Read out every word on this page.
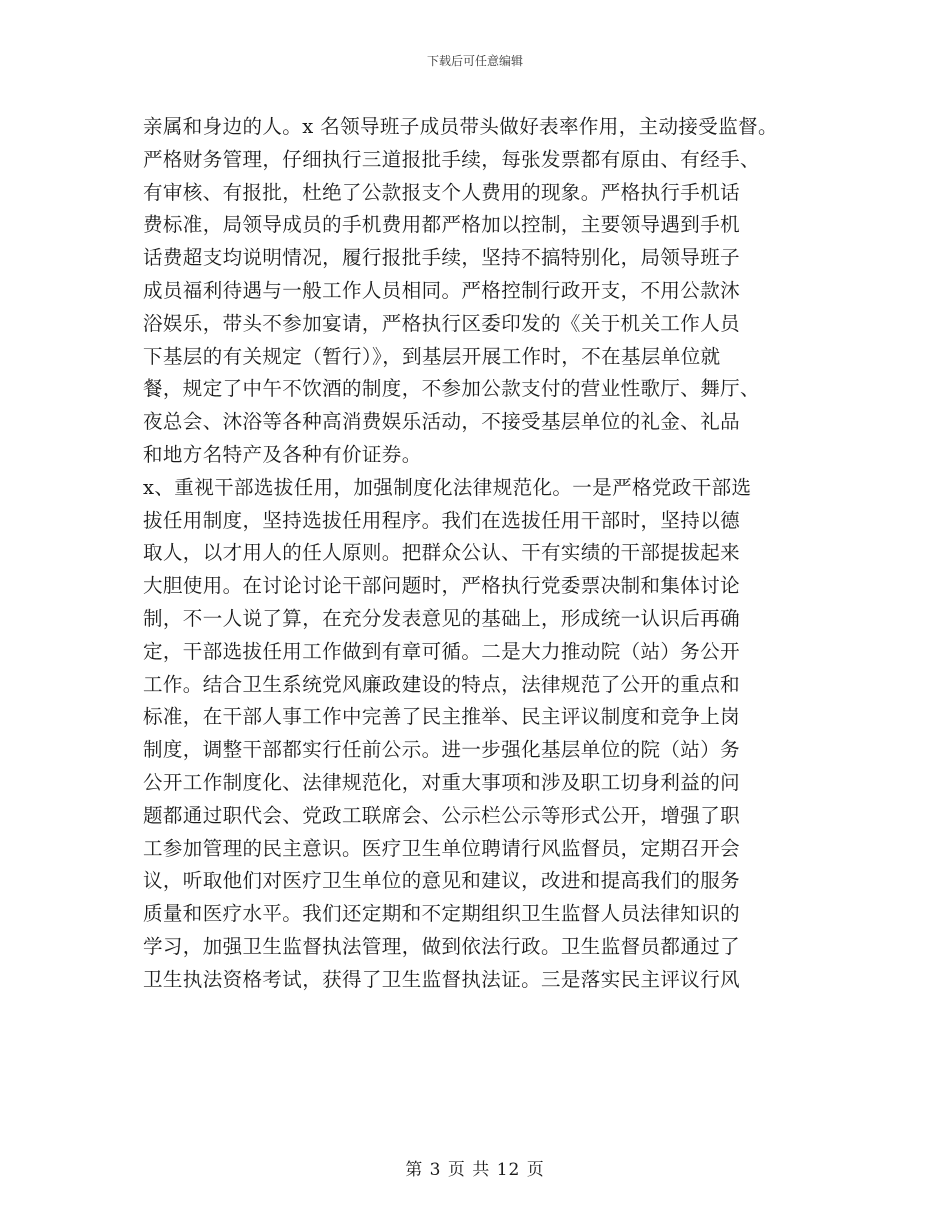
下载后可任意编辑
亲属和身边的人。x 名领导班子成员带头做好表率作用，主动接受监督。
严格财务管理，仔细执行三道报批手续，每张发票都有原由、有经手、
有审核、有报批，杜绝了公款报支个人费用的现象。严格执行手机话
费标准，局领导成员的手机费用都严格加以控制，主要领导遇到手机
话费超支均说明情况，履行报批手续，坚持不搞特别化，局领导班子
成员福利待遇与一般工作人员相同。严格控制行政开支，不用公款沐
浴娱乐，带头不参加宴请，严格执行区委印发的《关于机关工作人员
下基层的有关规定（暂行）》，到基层开展工作时，不在基层单位就
餐，规定了中午不饮酒的制度，不参加公款支付的营业性歌厅、舞厅、
夜总会、沐浴等各种高消费娱乐活动，不接受基层单位的礼金、礼品
和地方名特产及各种有价证券。
x、重视干部选拔任用，加强制度化法律规范化。一是严格党政干部选
拔任用制度，坚持选拔任用程序。我们在选拔任用干部时，坚持以德
取人，以才用人的任人原则。把群众公认、干有实绩的干部提拔起来
大胆使用。在讨论讨论干部问题时，严格执行党委票决制和集体讨论
制，不一人说了算，在充分发表意见的基础上，形成统一认识后再确
定，干部选拔任用工作做到有章可循。二是大力推动院（站）务公开
工作。结合卫生系统党风廉政建设的特点，法律规范了公开的重点和
标准，在干部人事工作中完善了民主推举、民主评议制度和竞争上岗
制度，调整干部都实行任前公示。进一步强化基层单位的院（站）务
公开工作制度化、法律规范化，对重大事项和涉及职工切身利益的问
题都通过职代会、党政工联席会、公示栏公示等形式公开，增强了职
工参加管理的民主意识。医疗卫生单位聘请行风监督员，定期召开会
议，听取他们对医疗卫生单位的意见和建议，改进和提高我们的服务
质量和医疗水平。我们还定期和不定期组织卫生监督人员法律知识的
学习，加强卫生监督执法管理，做到依法行政。卫生监督员都通过了
卫生执法资格考试，获得了卫生监督执法证。三是落实民主评议行风
第 3 页 共 12 页
